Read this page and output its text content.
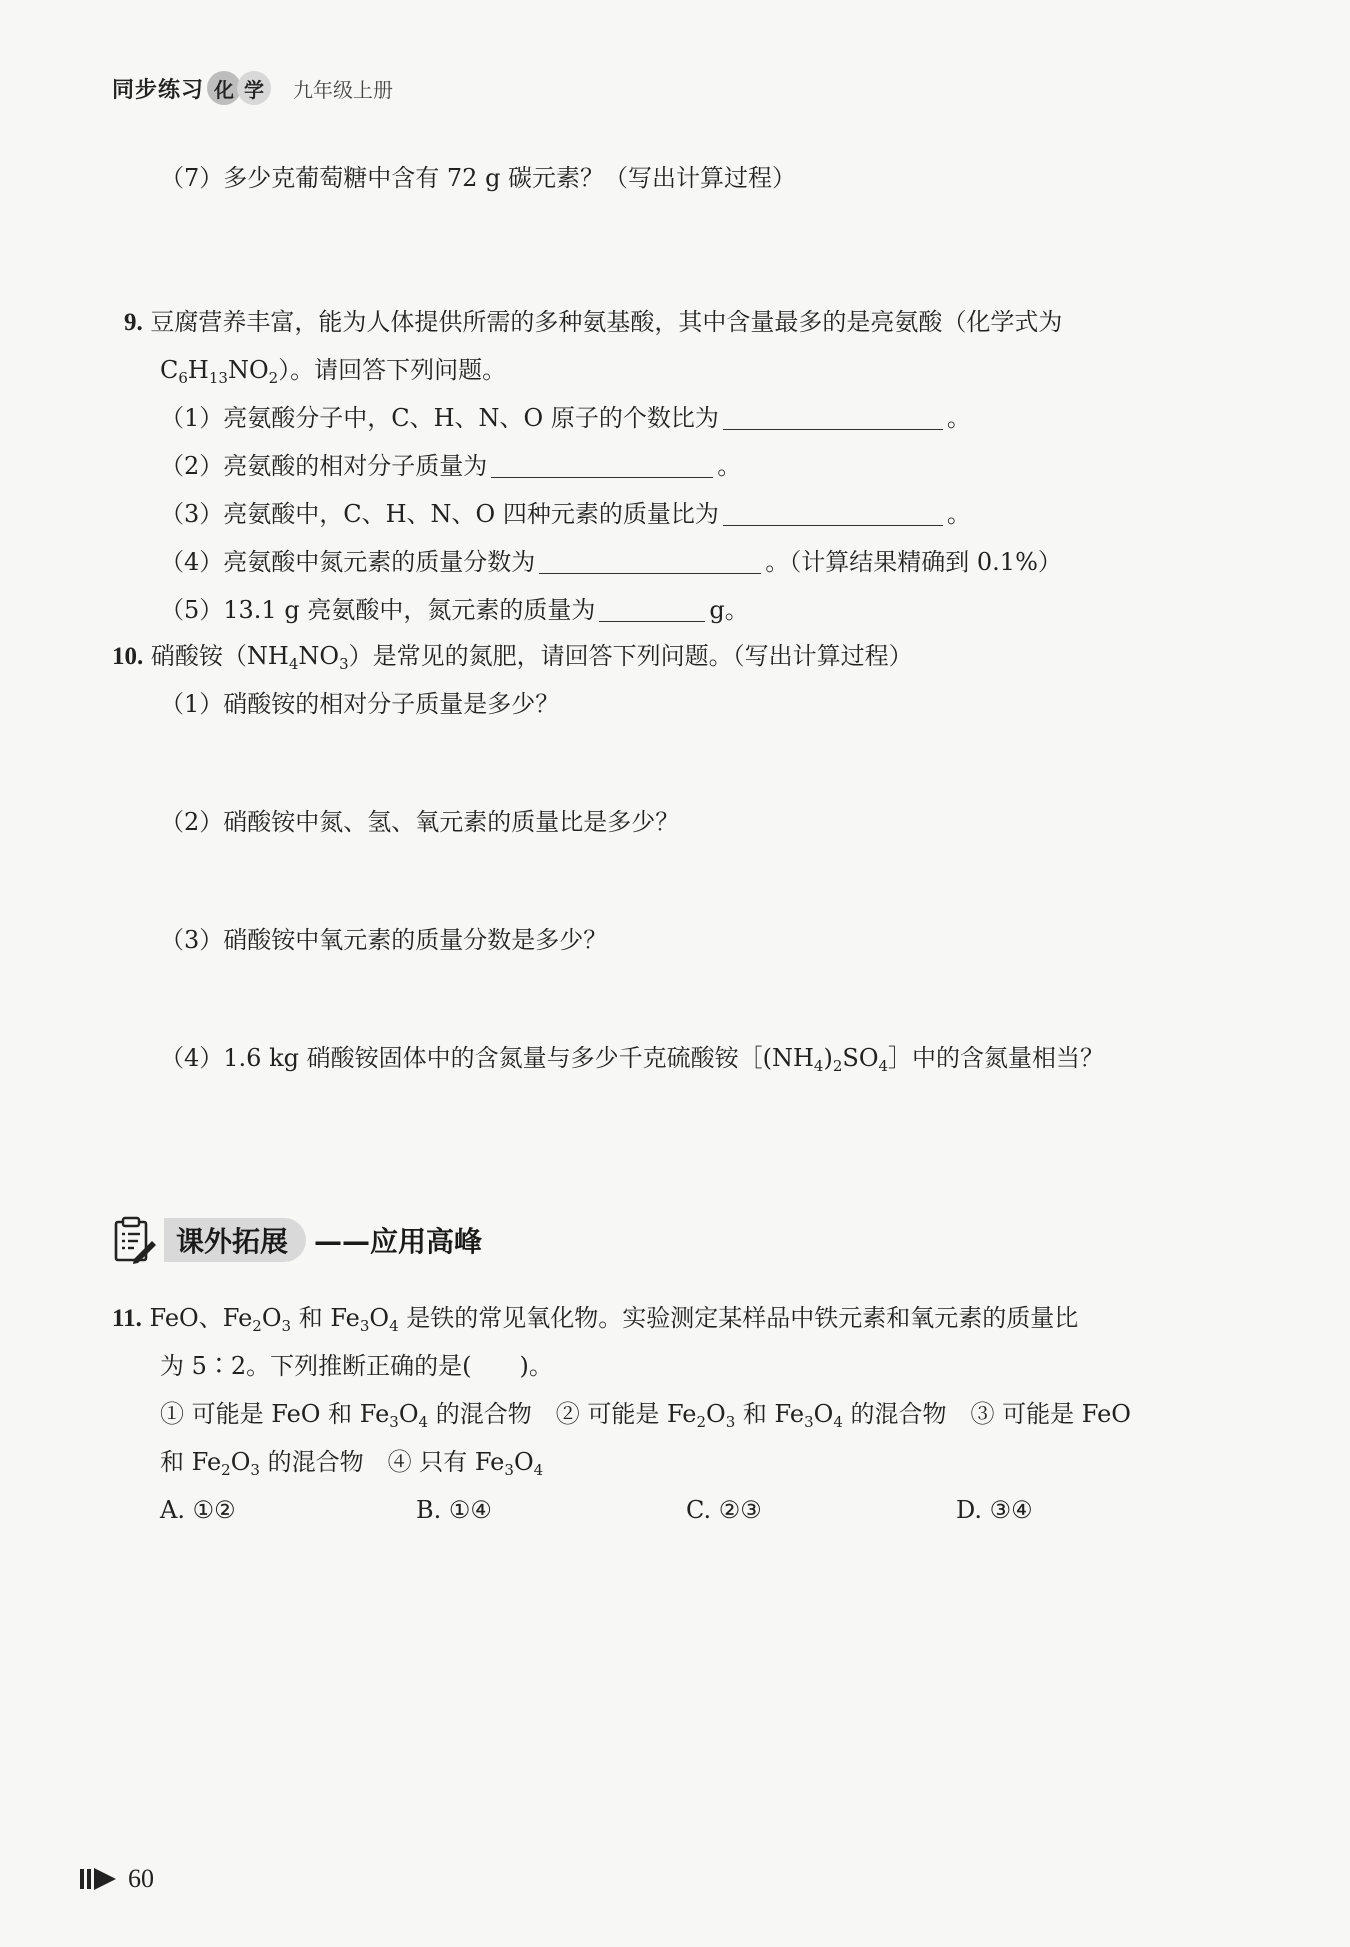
同步练习 化 学	九年级上册
（7）多少克葡萄糖中含有 72 g 碳元素？（写出计算过程）
9. 豆腐营养丰富，能为人体提供所需的多种氨基酸，其中含量最多的是亮氨酸（化学式为
$C_6H_{13}NO_2$）。请回答下列问题。
（1）亮氨酸分子中，C、H、N、O 原子的个数比为	。
（2）亮氨酸的相对分子质量为	。
（3）亮氨酸中，C、H、N、O 四种元素的质量比为	。
（4）亮氨酸中氮元素的质量分数为	。（计算结果精确到 0.1%）
（5）13.1 g 亮氨酸中，氮元素的质量为	g。
10. 硝酸铵$(NH_4NO_3)$是常见的氮肥，请回答下列问题。（写出计算过程）
（1）硝酸铵的相对分子质量是多少？
（2）硝酸铵中氮、氢、氧元素的质量比是多少？
（3）硝酸铵中氧元素的质量分数是多少？
（4）1.6 kg 硝酸铵固体中的含氮量与多少千克硫酸铵$[(NH_4)_2SO_4]$中的含氮量相当？
课外拓展 ——应用高峰
11. FeO、$Fe_2O_3$ 和 $Fe_3O_4$ 是铁的常见氧化物。实验测定某样品中铁元素和氧元素的质量比
为 5∶2。下列推断正确的是(　　)。
① 可能是 FeO 和 $Fe_3O_4$ 的混合物　② 可能是 $Fe_2O_3$ 和 $Fe_3O_4$ 的混合物　③ 可能是 FeO
和 $Fe_2O_3$ 的混合物　④ 只有 $Fe_3O_4$
A. ①②	B. ①④	C. ②③	D. ③④
60
